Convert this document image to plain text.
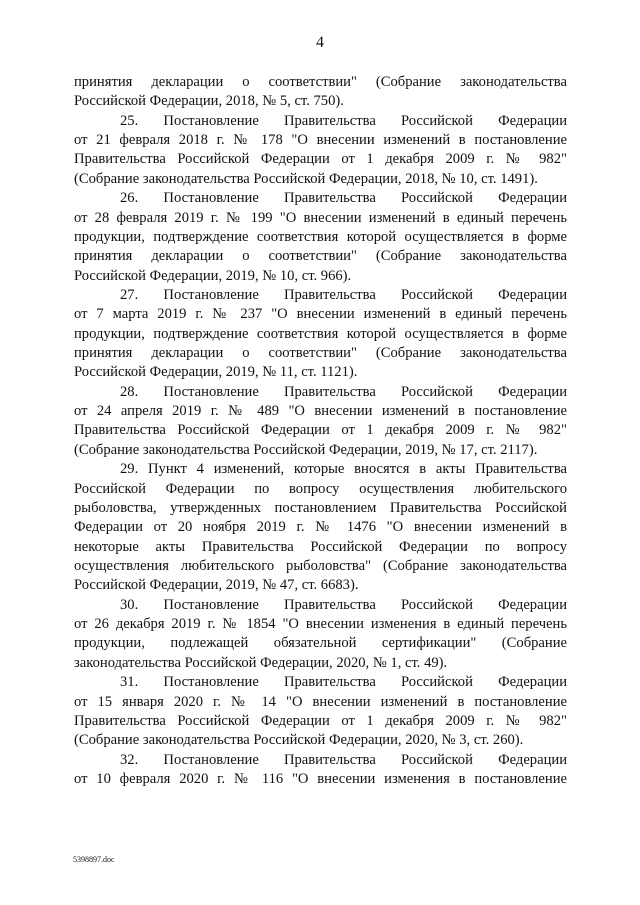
4
принятия декларации о соответствии" (Собрание законодательства
Российской Федерации, 2018, № 5, ст. 750).
25. Постановление Правительства Российской Федерации
от 21 февраля 2018 г. № 178 "О внесении изменений в постановление
Правительства Российской Федерации от 1 декабря 2009 г. № 982"
(Собрание законодательства Российской Федерации, 2018, № 10, ст. 1491).
26. Постановление Правительства Российской Федерации
от 28 февраля 2019 г. № 199 "О внесении изменений в единый перечень
продукции, подтверждение соответствия которой осуществляется в форме
принятия декларации о соответствии" (Собрание законодательства
Российской Федерации, 2019, № 10, ст. 966).
27. Постановление Правительства Российской Федерации
от 7 марта 2019 г. № 237 "О внесении изменений в единый перечень
продукции, подтверждение соответствия которой осуществляется в форме
принятия декларации о соответствии" (Собрание законодательства
Российской Федерации, 2019, № 11, ст. 1121).
28. Постановление Правительства Российской Федерации
от 24 апреля 2019 г. № 489 "О внесении изменений в постановление
Правительства Российской Федерации от 1 декабря 2009 г. № 982"
(Собрание законодательства Российской Федерации, 2019, № 17, ст. 2117).
29. Пункт 4 изменений, которые вносятся в акты Правительства
Российской Федерации по вопросу осуществления любительского
рыболовства, утвержденных постановлением Правительства Российской
Федерации от 20 ноября 2019 г. № 1476 "О внесении изменений в
некоторые акты Правительства Российской Федерации по вопросу
осуществления любительского рыболовства" (Собрание законодательства
Российской Федерации, 2019, № 47, ст. 6683).
30. Постановление Правительства Российской Федерации
от 26 декабря 2019 г. № 1854 "О внесении изменения в единый перечень
продукции, подлежащей обязательной сертификации" (Собрание
законодательства Российской Федерации, 2020, № 1, ст. 49).
31. Постановление Правительства Российской Федерации
от 15 января 2020 г. № 14 "О внесении изменений в постановление
Правительства Российской Федерации от 1 декабря 2009 г. № 982"
(Собрание законодательства Российской Федерации, 2020, № 3, ст. 260).
32. Постановление Правительства Российской Федерации
от 10 февраля 2020 г. № 116 "О внесении изменения в постановление
5398897.doc
